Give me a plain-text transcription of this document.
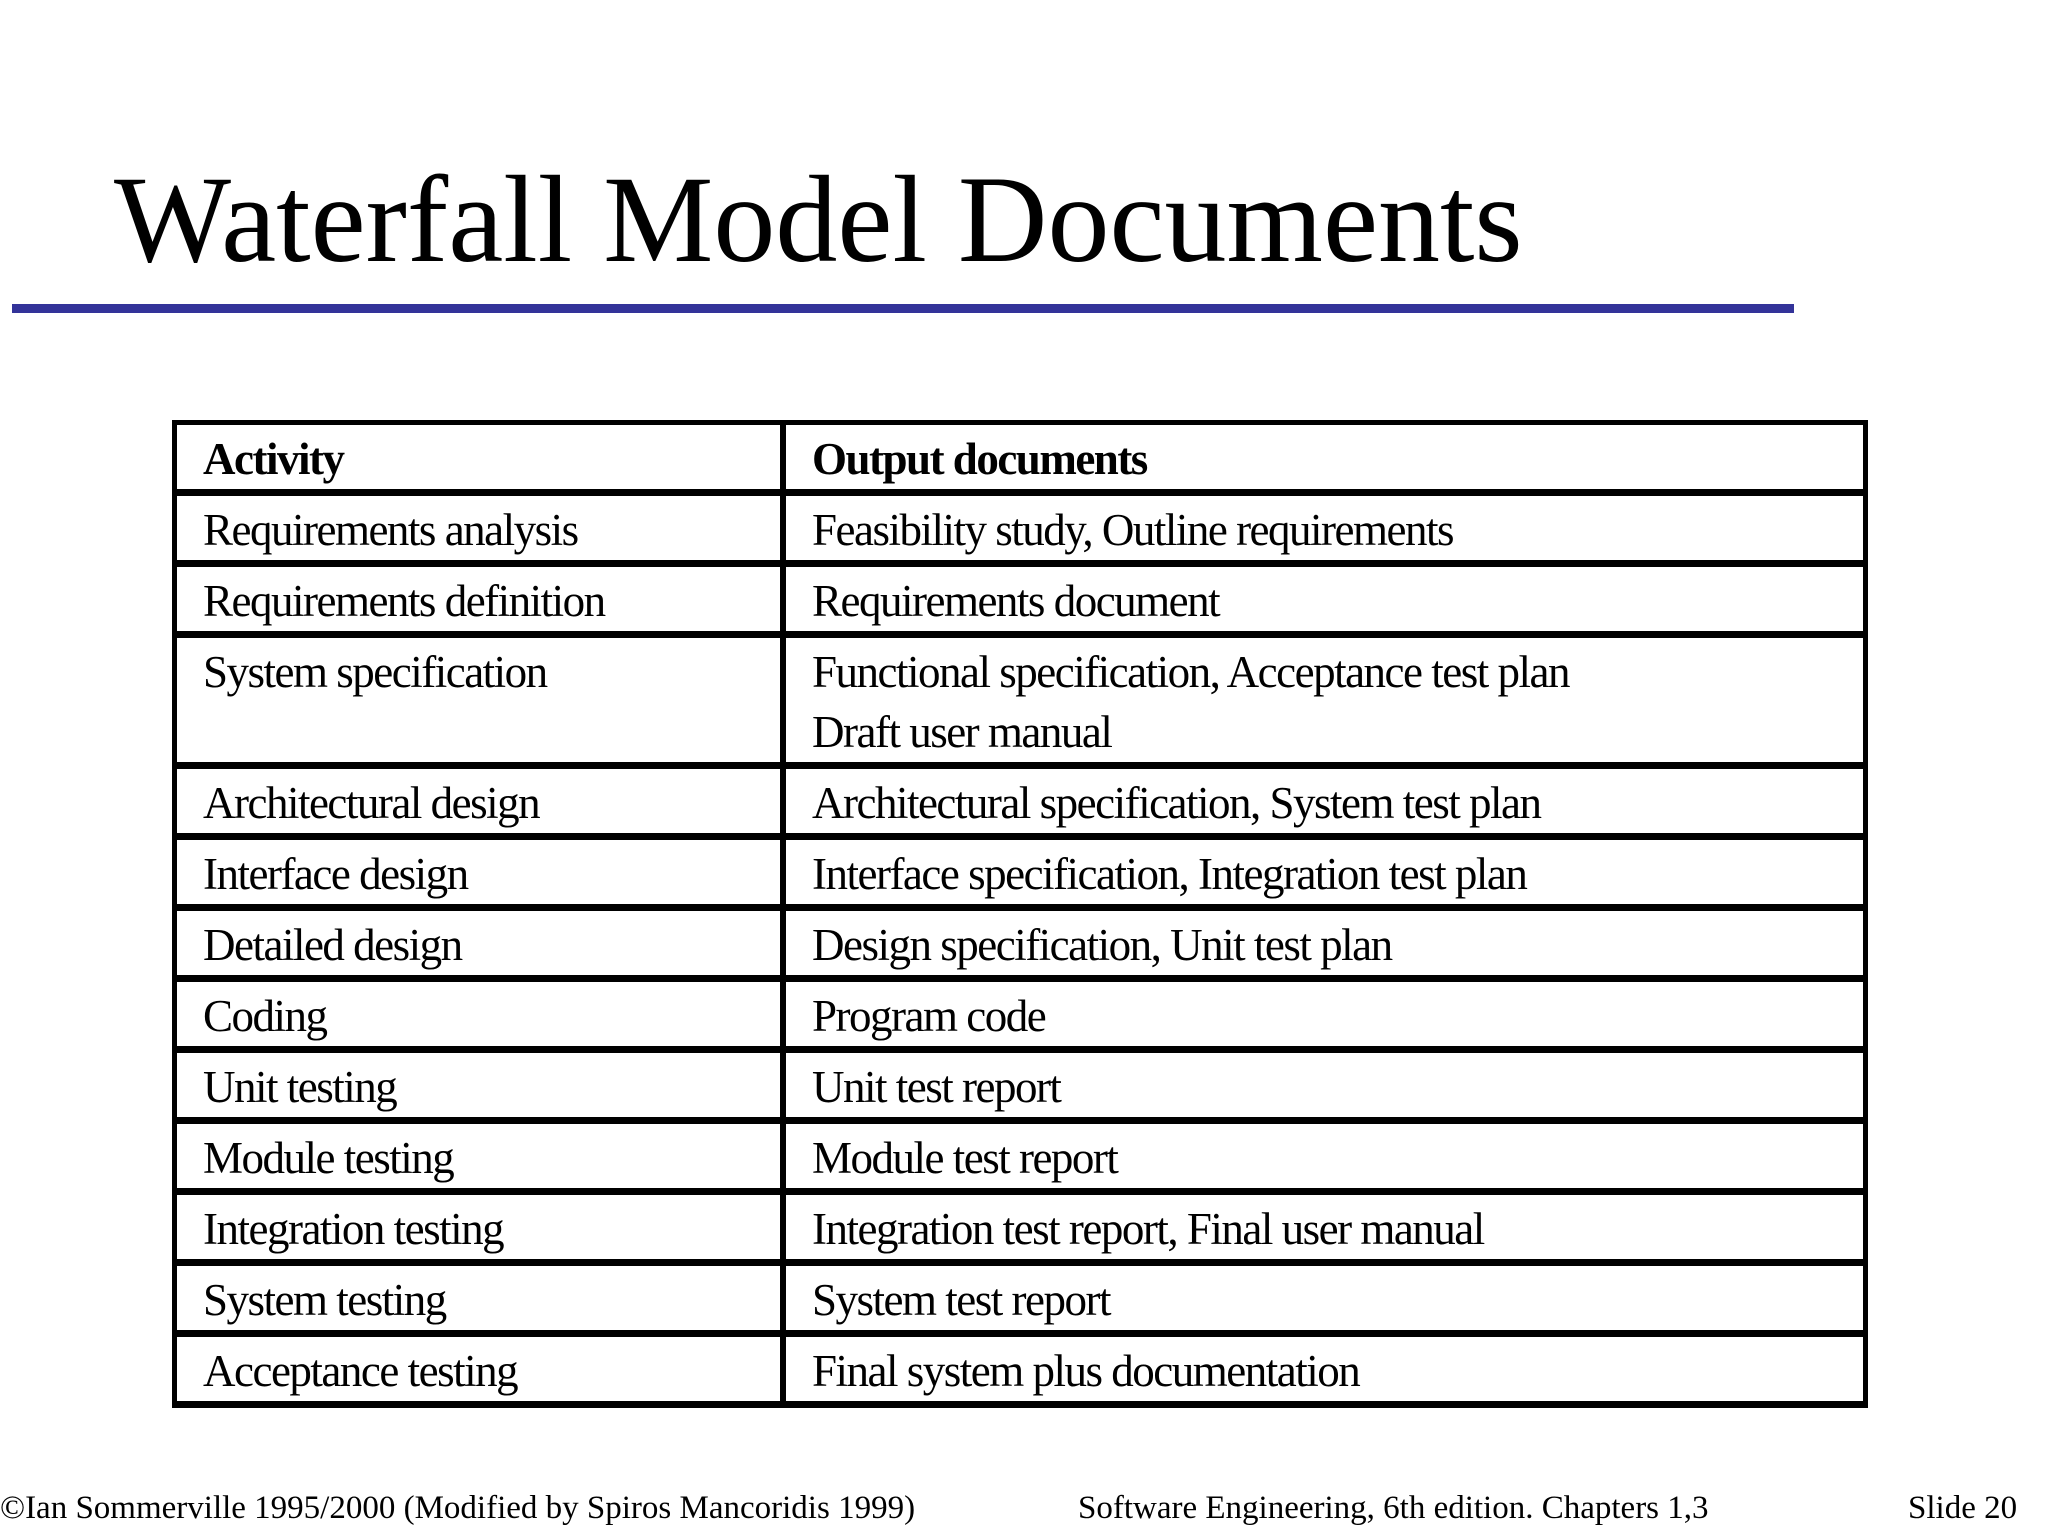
Waterfall Model Documents
Activity	Output documents
Requirements analysis	Feasibility study, Outline requirements

Requirements definition	Requirements document

System specification	Functional specification, Acceptance test plan
Draft user manual

Architectural design	Architectural specification, System test plan

Interface design	Interface specification, Integration test plan

Detailed design	Design specification, Unit test plan

Coding	Program code

Unit testing	Unit test report

Module testing	Module test report

Integration testing	Integration test report, Final user manual

System testing	System test report

Acceptance testing	Final system plus documentation
©Ian Sommerville 1995/2000 (Modified by Spiros Mancoridis 1999)	Software Engineering, 6th edition. Chapters 1,3	Slide 20
